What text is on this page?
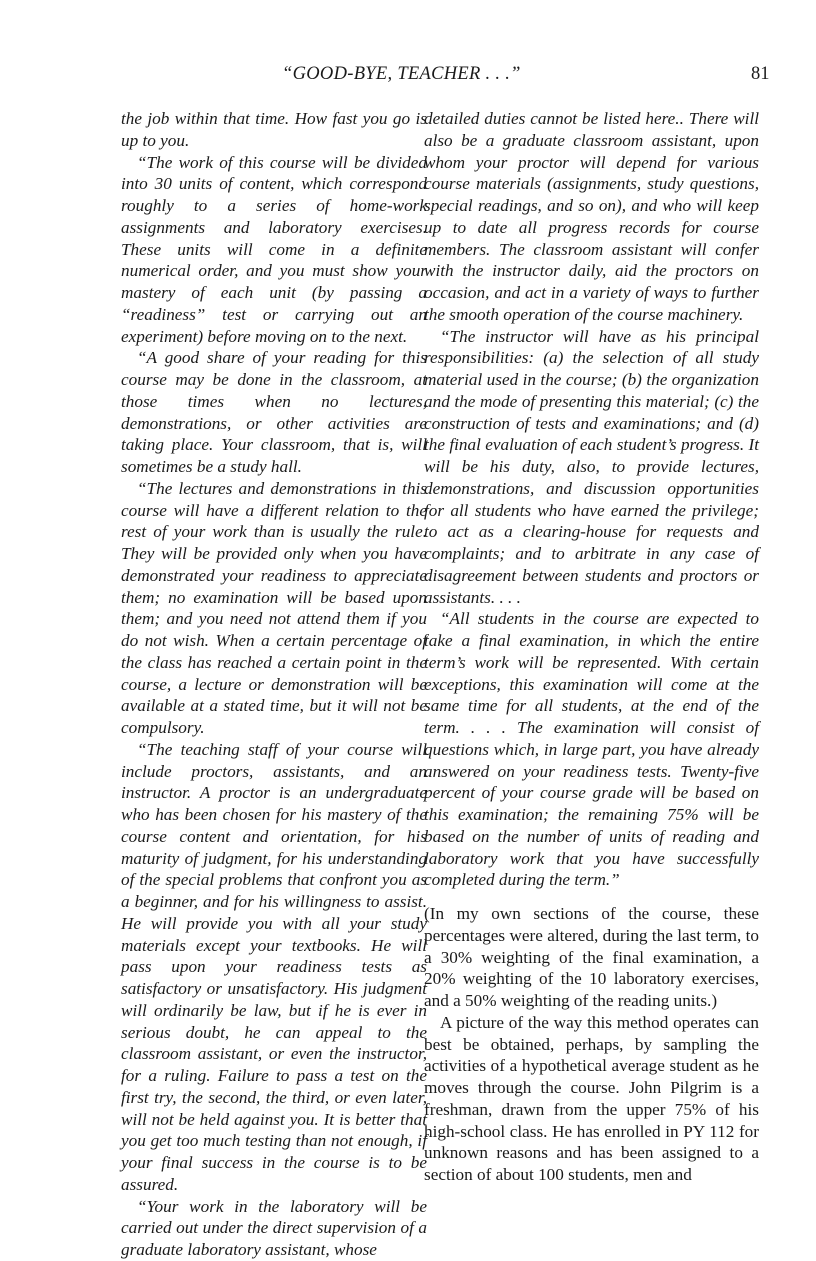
“GOOD-BYE, TEACHER . . .”	81

the job within that time. How fast you go is up to you.

“The work of this course will be divided into 30 units of content, which correspond roughly to a series of home-work assignments and laboratory exercises. These units will come in a definite numerical order, and you must show your mastery of each unit (by passing a “readiness” test or carrying out an experiment) before moving on to the next.

“A good share of your reading for this course may be done in the classroom, at those times when no lectures, demonstrations, or other activities are taking place. Your classroom, that is, will sometimes be a study hall.

“The lectures and demonstrations in this course will have a different relation to the rest of your work than is usually the rule. They will be provided only when you have demonstrated your readiness to appreciate them; no examination will be based upon them; and you need not attend them if you do not wish. When a certain percentage of the class has reached a certain point in the course, a lecture or demonstration will be available at a stated time, but it will not be compulsory.

“The teaching staff of your course will include proctors, assistants, and an instructor. A proctor is an undergraduate who has been chosen for his mastery of the course content and orientation, for his maturity of judgment, for his understanding of the special problems that confront you as a beginner, and for his willingness to assist. He will provide you with all your study materials except your textbooks. He will pass upon your readiness tests as satisfactory or unsatisfactory. His judgment will ordinarily be law, but if he is ever in serious doubt, he can appeal to the classroom assistant, or even the instructor, for a ruling. Failure to pass a test on the first try, the second, the third, or even later, will not be held against you. It is better that you get too much testing than not enough, if your final success in the course is to be assured.

“Your work in the laboratory will be carried out under the direct supervision of a graduate laboratory assistant, whose

detailed duties cannot be listed here.. There will also be a graduate classroom assistant, upon whom your proctor will depend for various course materials (assignments, study questions, special readings, and so on), and who will keep up to date all progress records for course members. The classroom assistant will confer with the instructor daily, aid the proctors on occasion, and act in a variety of ways to further the smooth operation of the course machinery.

“The instructor will have as his principal responsibilities: (a) the selection of all study material used in the course; (b) the organization and the mode of presenting this material; (c) the construction of tests and examinations; and (d) the final evaluation of each student’s progress. It will be his duty, also, to provide lectures, demonstrations, and discussion opportunities for all students who have earned the privilege; to act as a clearing-house for requests and complaints; and to arbitrate in any case of disagreement between students and proctors or assistants. . . .

“All students in the course are expected to take a final examination, in which the entire term’s work will be represented. With certain exceptions, this examination will come at the same time for all students, at the end of the term. . . . The examination will consist of questions which, in large part, you have already answered on your readiness tests. Twenty-five percent of your course grade will be based on this examination; the remaining 75% will be based on the number of units of reading and laboratory work that you have successfully completed during the term.”

(In my own sections of the course, these percentages were altered, during the last term, to a 30% weighting of the final examination, a 20% weighting of the 10 laboratory exercises, and a 50% weighting of the reading units.)

A picture of the way this method operates can best be obtained, perhaps, by sampling the activities of a hypothetical average student as he moves through the course. John Pilgrim is a freshman, drawn from the upper 75% of his high-school class. He has enrolled in PY 112 for unknown reasons and has been assigned to a section of about 100 students, men and
